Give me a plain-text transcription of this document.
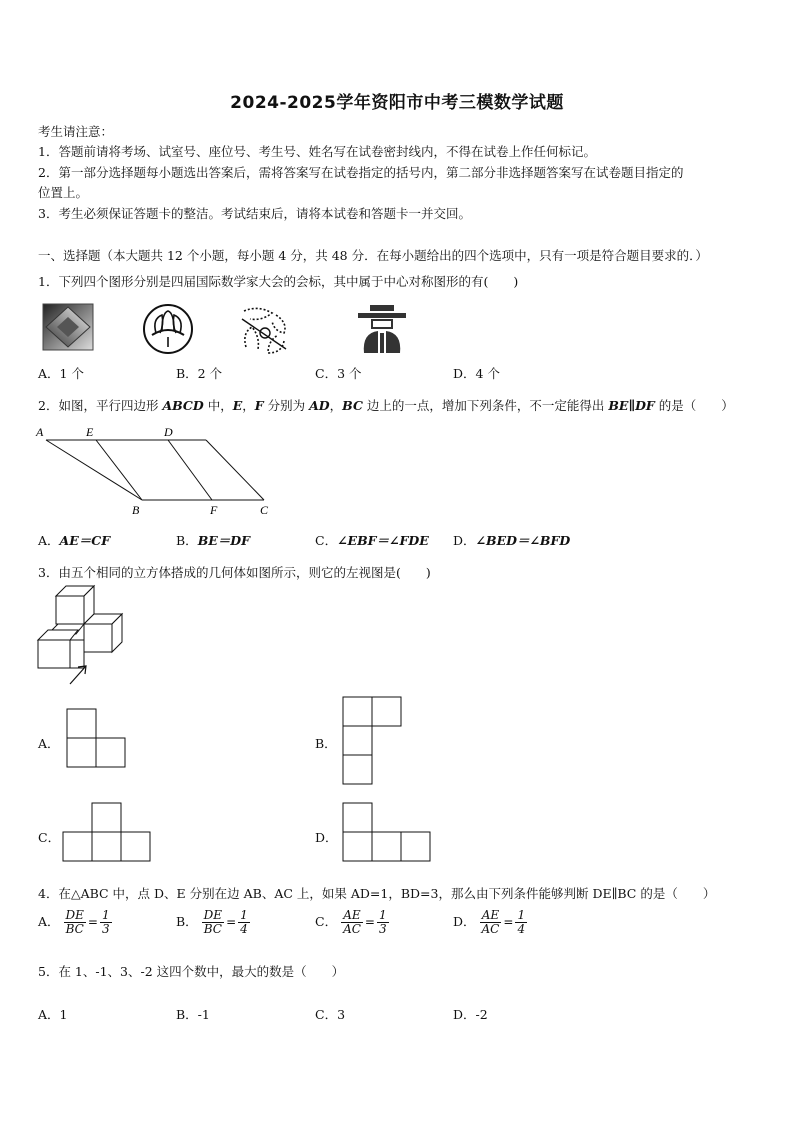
2024-2025学年资阳市中考三模数学试题
考生请注意：
1．答题前请将考场、试室号、座位号、考生号、姓名写在试卷密封线内，不得在试卷上作任何标记。
2．第一部分选择题每小题选出答案后，需将答案写在试卷指定的括号内，第二部分非选择题答案写在试卷题目指定的
位置上。
3．考生必须保证答题卡的整洁。考试结束后，请将本试卷和答题卡一并交回。
一、选择题（本大题共 12 个小题，每小题 4 分，共 48 分．在每小题给出的四个选项中，只有一项是符合题目要求的．）
1．下列四个图形分别是四届国际数学家大会的会标，其中属于中心对称图形的有(　　)
A．1 个	B．2 个	C．3 个	D．4 个
2．如图，平行四边形 ABCD 中，E，F 分别为 AD，BC 边上的一点，增加下列条件，不一定能得出 BE∥DF 的是（　　）
A	E	D
B	F	C
A．AE＝CF	B．BE＝DF	C．∠EBF＝∠FDE D．∠BED＝∠BFD
3．由五个相同的立方体搭成的几何体如图所示，则它的左视图是(　　)
A．	B．
C．	D．
4．在△ABC 中，点 D、E 分别在边 AB、AC 上，如果 AD=1，BD=3，那么由下列条件能够判断 DE∥BC 的是（　　）
A． $\frac{DE}{BC} = \frac{1}{3}$	B． $\frac{DE}{BC} = \frac{1}{4}$	C． $\frac{AE}{AC} = \frac{1}{3}$	D． $\frac{AE}{AC} = \frac{1}{4}$
5．在 1、-1、3、-2 这四个数中，最大的数是（　　）
A．1	B．-1	C．3	D．-2
